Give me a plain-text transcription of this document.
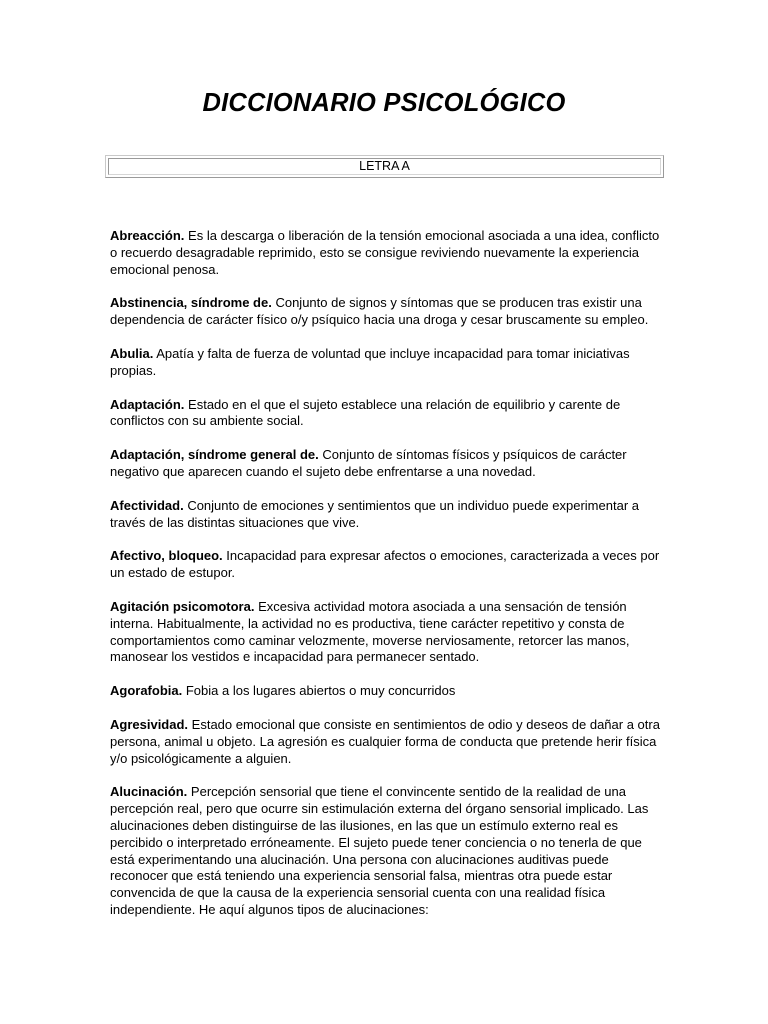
DICCIONARIO PSICOLÓGICO
LETRA A

Abreacción. Es la descarga o liberación de la tensión emocional asociada a una idea, conflicto o recuerdo desagradable reprimido, esto se consigue reviviendo nuevamente la experiencia emocional penosa.

Abstinencia, síndrome de. Conjunto de signos y síntomas que se producen tras existir una dependencia de carácter físico o/y psíquico hacia una droga y cesar bruscamente su empleo.

Abulia. Apatía y falta de fuerza de voluntad que incluye incapacidad para tomar iniciativas propias.

Adaptación. Estado en el que el sujeto establece una relación de equilibrio y carente de conflictos con su ambiente social.

Adaptación, síndrome general de. Conjunto de síntomas físicos y psíquicos de carácter negativo que aparecen cuando el sujeto debe enfrentarse a una novedad.

Afectividad. Conjunto de emociones y sentimientos que un individuo puede experimentar a través de las distintas situaciones que vive.

Afectivo, bloqueo. Incapacidad para expresar afectos o emociones, caracterizada a veces por un estado de estupor.

Agitación psicomotora. Excesiva actividad motora asociada a una sensación de tensión interna. Habitualmente, la actividad no es productiva, tiene carácter repetitivo y consta de comportamientos como caminar velozmente, moverse nerviosamente, retorcer las manos, manosear los vestidos e incapacidad para permanecer sentado.

Agorafobia. Fobia a los lugares abiertos o muy concurridos

Agresividad. Estado emocional que consiste en sentimientos de odio y deseos de dañar a otra persona, animal u objeto. La agresión es cualquier forma de conducta que pretende herir física y/o psicológicamente a alguien.

Alucinación. Percepción sensorial que tiene el convincente sentido de la realidad de una percepción real, pero que ocurre sin estimulación externa del órgano sensorial implicado. Las alucinaciones deben distinguirse de las ilusiones, en las que un estímulo externo real es percibido o interpretado erróneamente. El sujeto puede tener conciencia o no tenerla de que está experimentando una alucinación. Una persona con alucinaciones auditivas puede reconocer que está teniendo una experiencia sensorial falsa, mientras otra puede estar convencida de que la causa de la experiencia sensorial cuenta con una realidad física independiente. He aquí algunos tipos de alucinaciones:
